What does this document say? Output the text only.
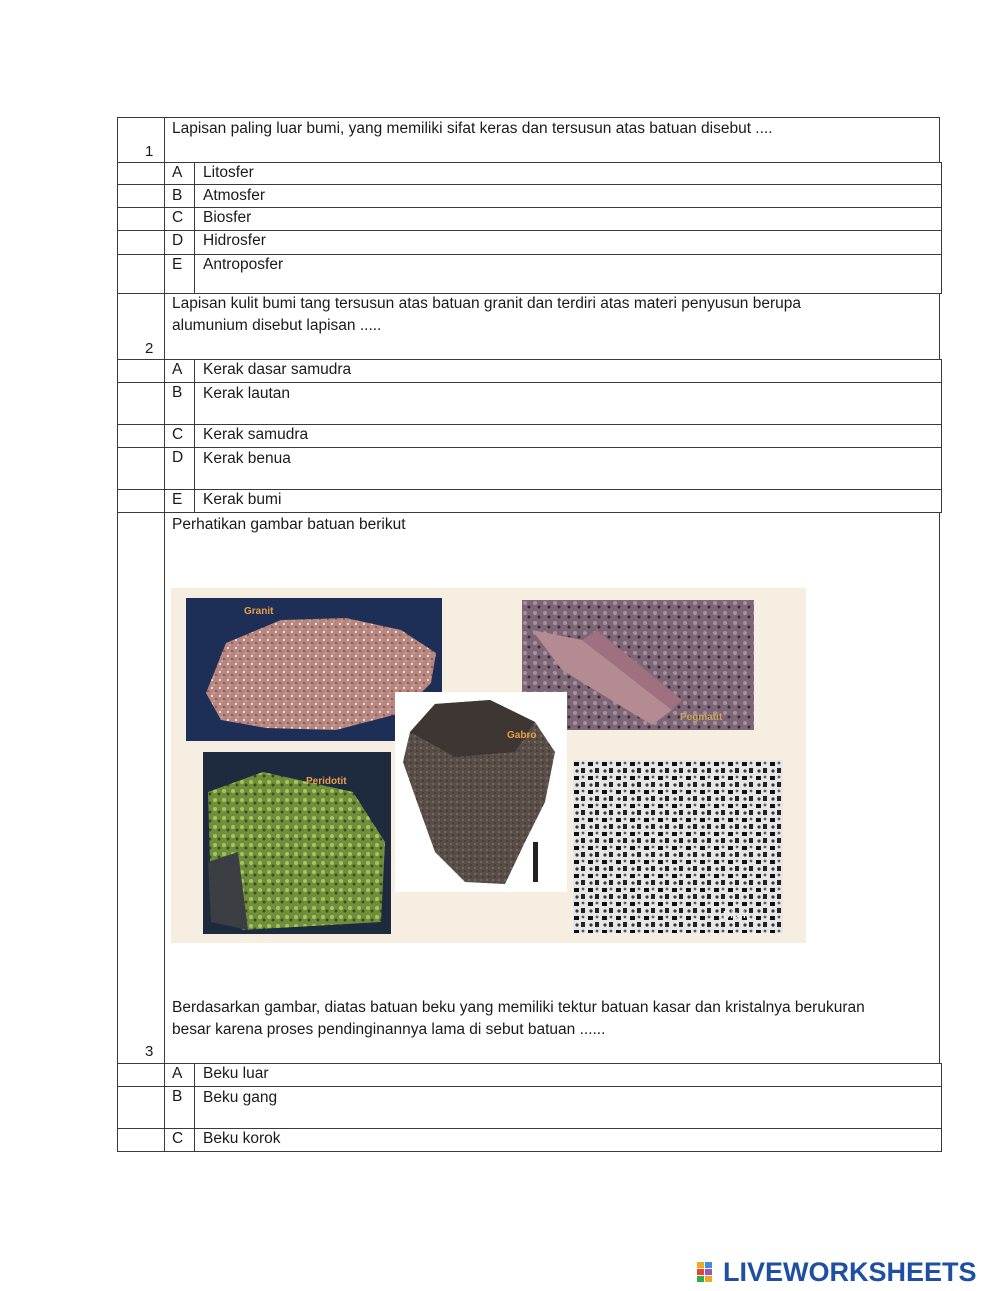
1
Lapisan paling luar bumi, yang memiliki sifat keras dan tersusun atas batuan disebut ....
A Litosfer
B Atmosfer
C Biosfer
D Hidrosfer
E Antroposfer
2
Lapisan kulit bumi tang tersusun atas batuan granit dan terdiri atas materi penyusun berupa
alumunium disebut lapisan .....
A Kerak dasar samudra
B Kerak lautan
C Kerak samudra
D Kerak benua
E Kerak bumi
3
Perhatikan gambar batuan berikut
Granit
Pegmatit
Peridotit
Gabro
Diorit
Berdasarkan gambar, diatas batuan beku yang memiliki tektur batuan kasar dan kristalnya berukuran
besar karena proses pendinginannya lama di sebut batuan ......
A Beku luar
B Beku gang
C Beku korok
LIVEWORKSHEETS
